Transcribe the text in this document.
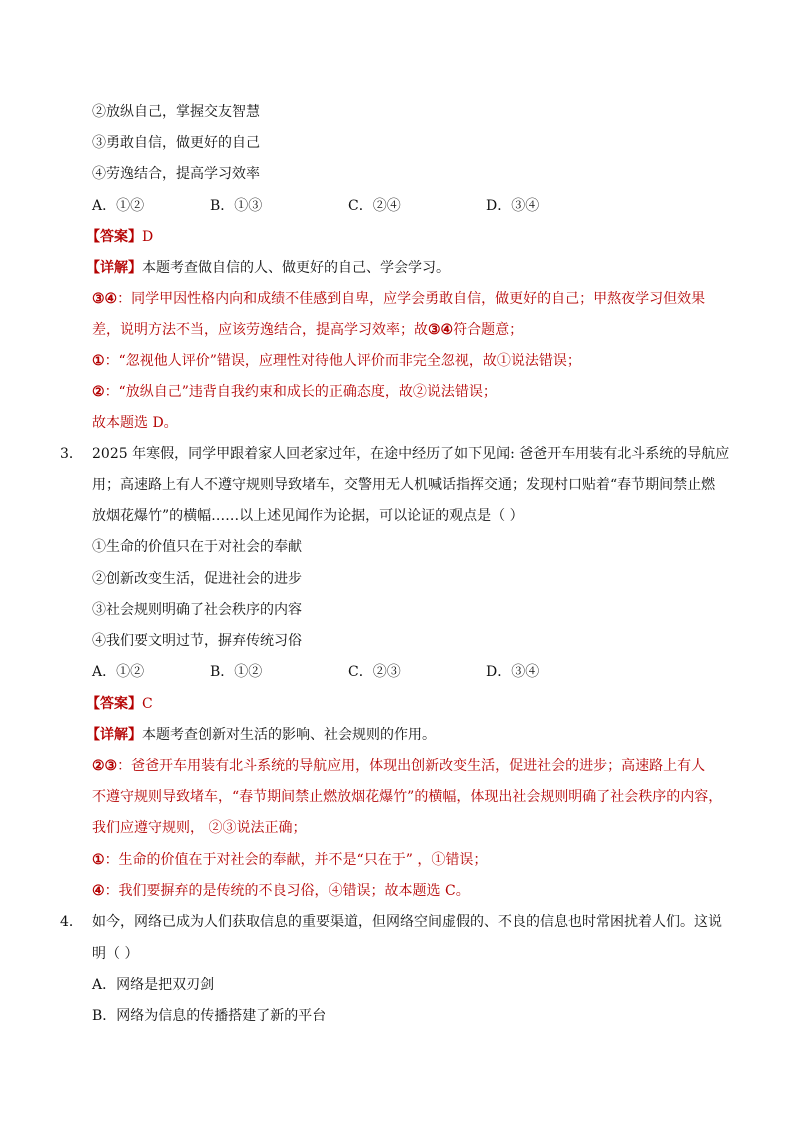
②放纵自己，掌握交友智慧
③勇敢自信，做更好的自己
④劳逸结合，提高学习效率
A．①②	B．①③	C．②④	D．③④
【答案】D
【详解】本题考查做自信的人、做更好的自己、学会学习。
③④：同学甲因性格内向和成绩不佳感到自卑，应学会勇敢自信，做更好的自己；甲熬夜学习但效果
差，说明方法不当，应该劳逸结合，提高学习效率；故③④符合题意；
①：“忽视他人评价”错误，应理性对待他人评价而非完全忽视，故①说法错误；
②：“放纵自己”违背自我约束和成长的正确态度，故②说法错误；
故本题选 D。
3． 2025 年寒假，同学甲跟着家人回老家过年，在途中经历了如下见闻: 爸爸开车用装有北斗系统的导航应
用；高速路上有人不遵守规则导致堵车，交警用无人机喊话指挥交通；发现村口贴着“春节期间禁止燃
放烟花爆竹”的横幅……以上述见闻作为论据，可以论证的观点是（ ）
①生命的价值只在于对社会的奉献
②创新改变生活，促进社会的进步
③社会规则明确了社会秩序的内容
④我们要文明过节，摒弃传统习俗
A．①②	B．①②	C．②③	D．③④
【答案】C
【详解】本题考查创新对生活的影响、社会规则的作用。
②③：爸爸开车用装有北斗系统的导航应用，体现出创新改变生活，促进社会的进步；高速路上有人
不遵守规则导致堵车，“春节期间禁止燃放烟花爆竹”的横幅，体现出社会规则明确了社会秩序的内容，
我们应遵守规则， ②③说法正确；
①：生命的价值在于对社会的奉献，并不是“只在于” ，①错误；
④：我们要摒弃的是传统的不良习俗，④错误；故本题选 C。
4． 如今，网络已成为人们获取信息的重要渠道，但网络空间虚假的、不良的信息也时常困扰着人们。这说
明（ ）
A．网络是把双刃剑
B．网络为信息的传播搭建了新的平台
